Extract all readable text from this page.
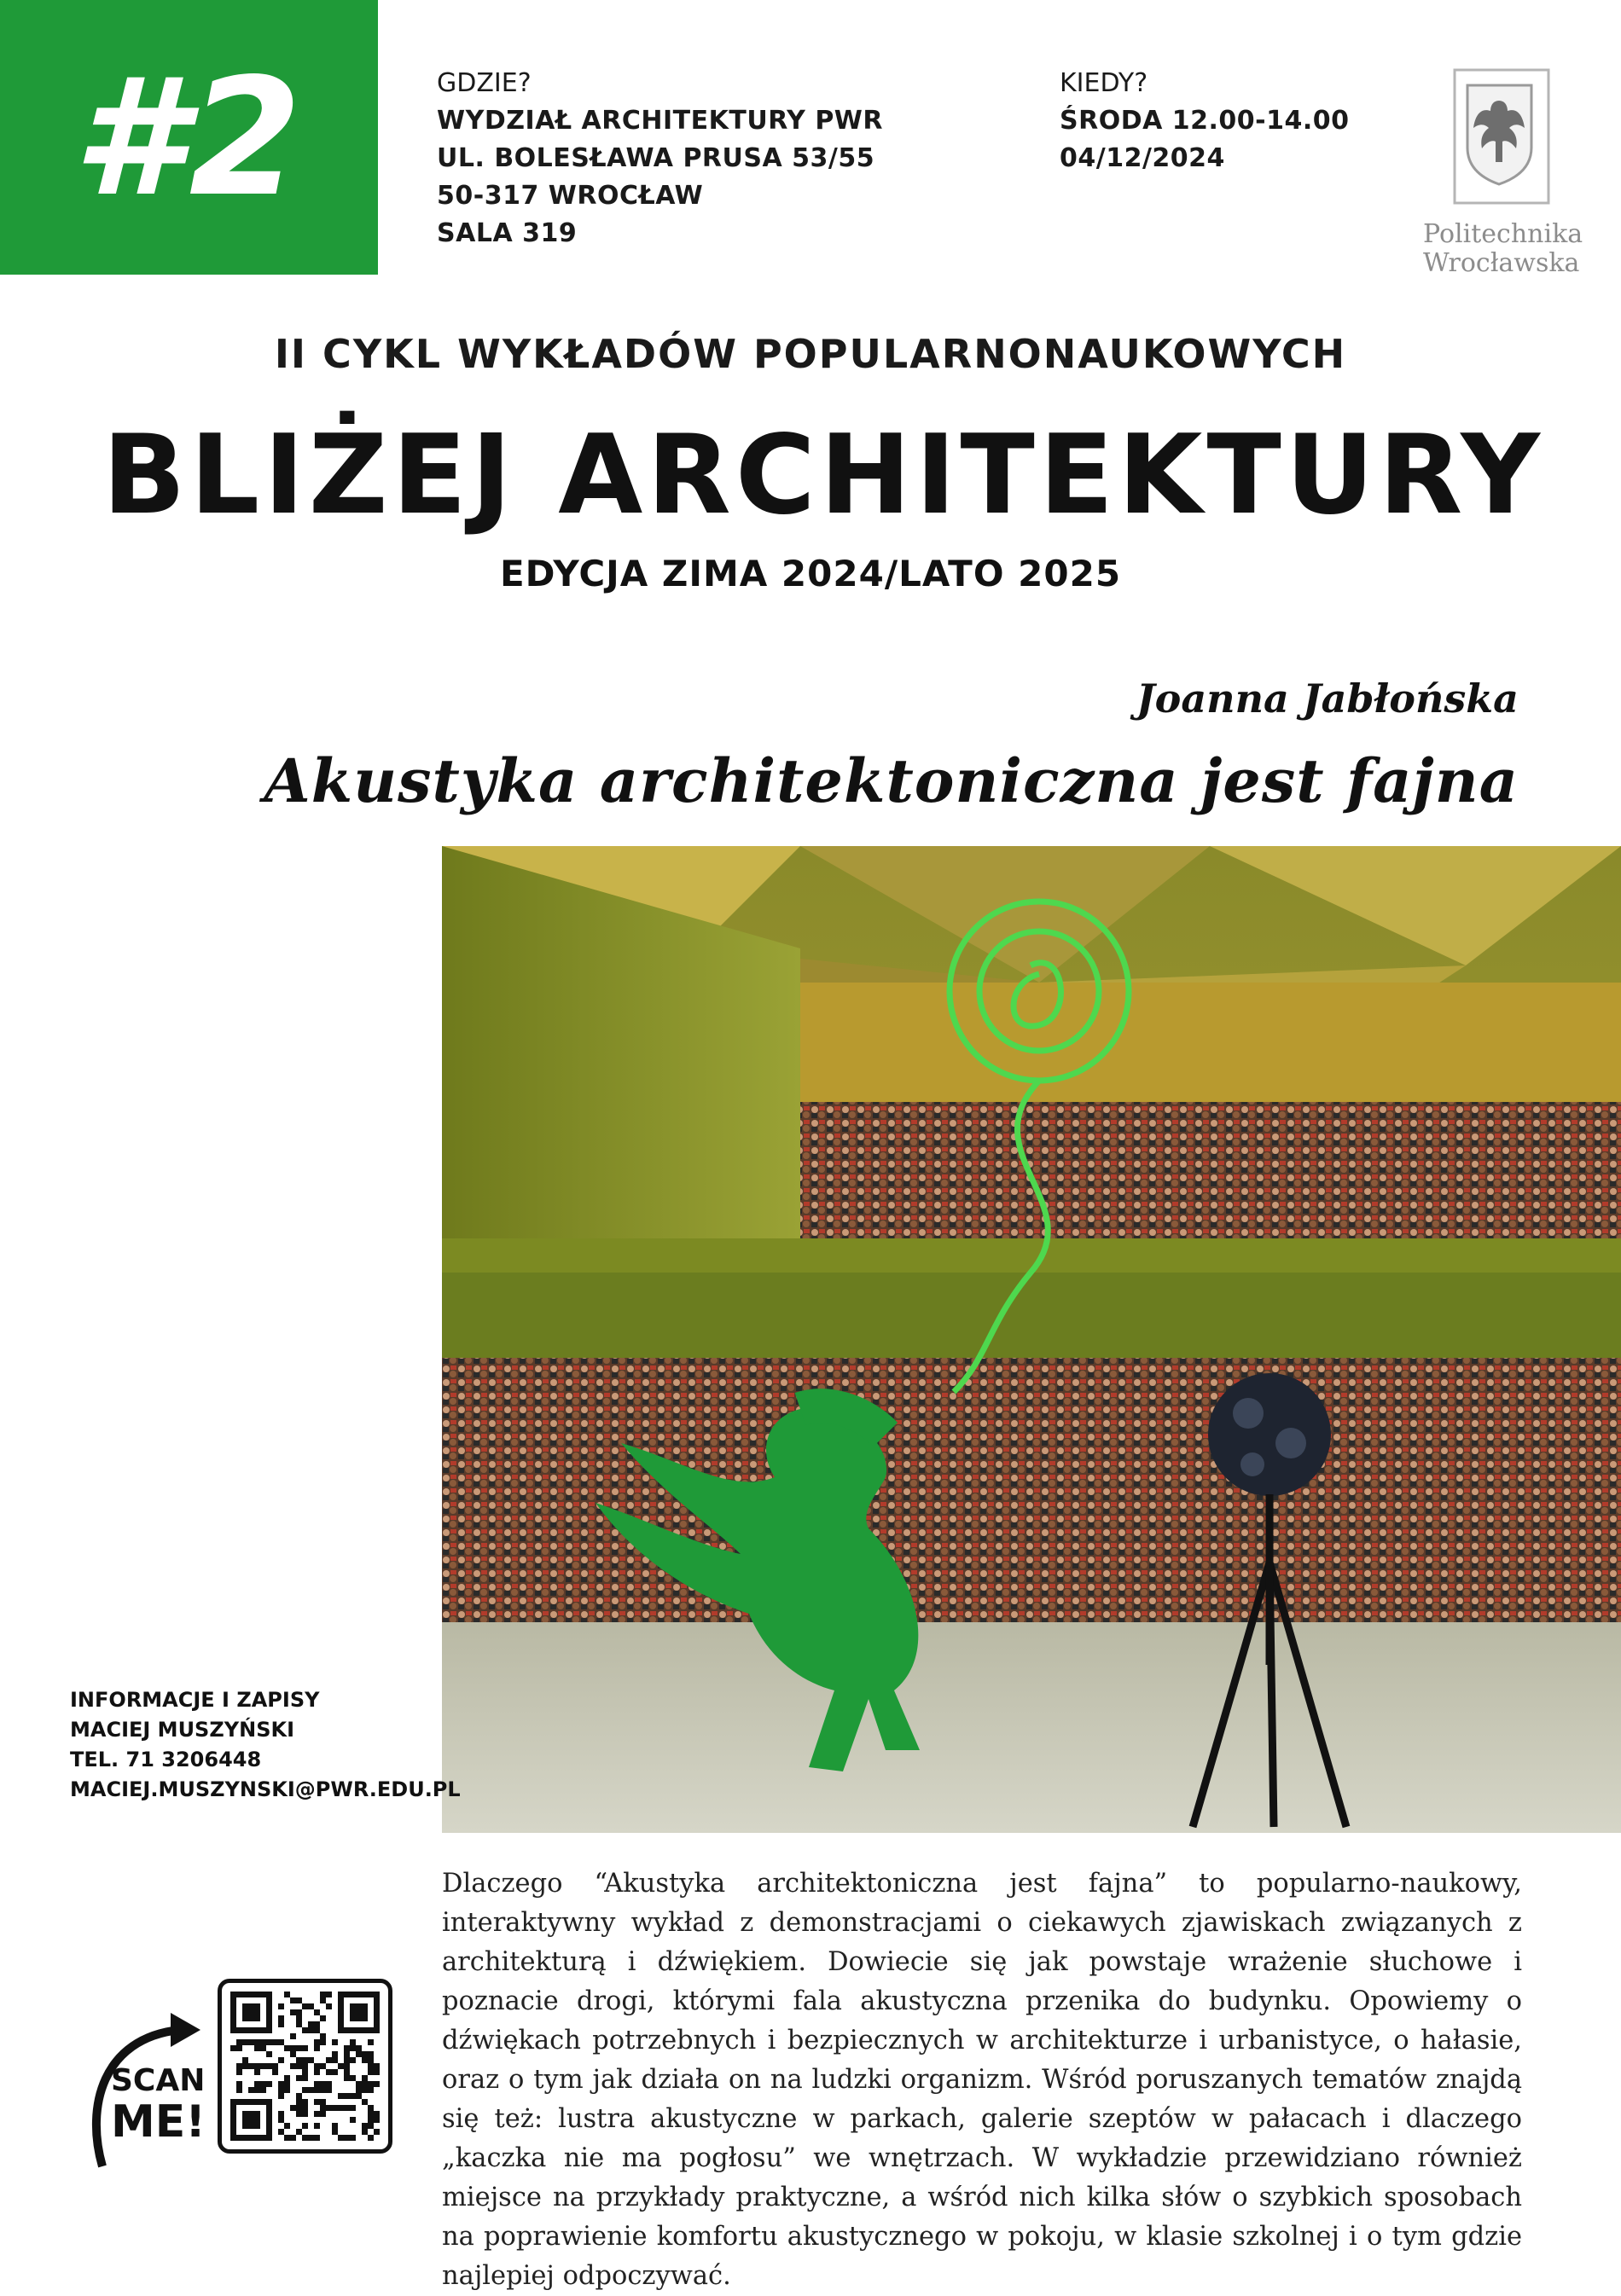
#2	GDZIE?
WYDZIAŁ ARCHITEKTURY PWR
UL. BOLESŁAWA PRUSA 53/55
50-317 WROCŁAW
SALA 319
KIEDY?
ŚRODA 12.00-14.00
04/12/2024
Politechnika
Wrocławska
II CYKL WYKŁADÓW POPULARNONAUKOWYCH
BLIŻEJ ARCHITEKTURY
EDYCJA ZIMA 2024/LATO 2025
Joanna Jabłońska
Akustyka architektoniczna jest fajna
INFORMACJE I ZAPISY
MACIEJ MUSZYŃSKI
TEL. 71 3206448
MACIEJ.MUSZYNSKI@PWR.EDU.PL
SCAN
ME!
Dlaczego “Akustyka architektoniczna jest fajna” to popularno-naukowy, interaktywny wykład z demonstracjami o ciekawych zjawiskach związanych z architekturą i dźwiękiem. Dowiecie się jak powstaje wrażenie słuchowe i poznacie drogi, którymi fala akustyczna przenika do budynku. Opowiemy o dźwiękach potrzebnych i bezpiecznych w architekturze i urbanistyce, o hałasie, oraz o tym jak działa on na ludzki organizm. Wśród poruszanych tematów znajdą się też: lustra akustyczne w parkach, galerie szeptów w pałacach i dlaczego „kaczka nie ma pogłosu” we wnętrzach. W wykładzie przewidziano również miejsce na przykłady praktyczne, a wśród nich kilka słów o szybkich sposobach na poprawienie komfortu akustycznego w pokoju, w klasie szkolnej i o tym gdzie najlepiej odpoczywać.
